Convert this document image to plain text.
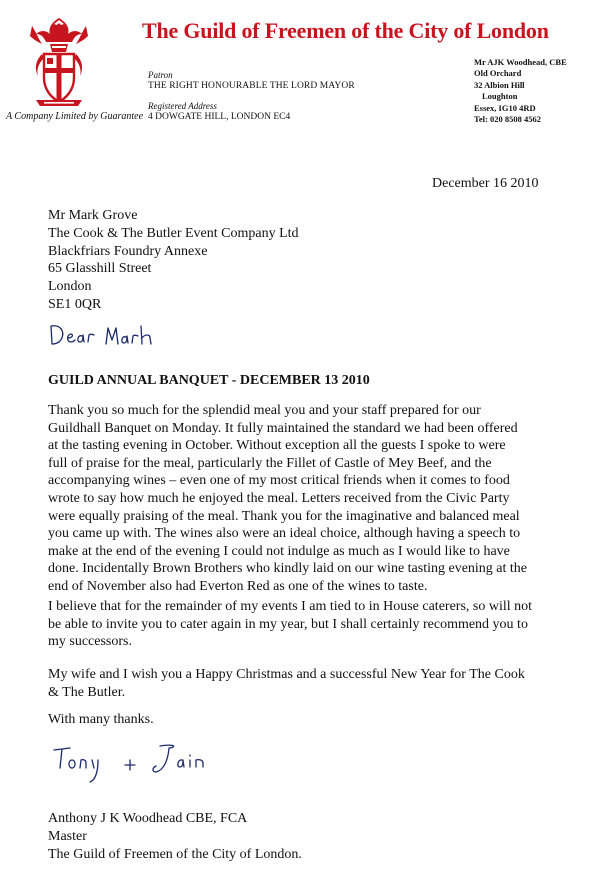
A Company Limited by Guarantee
The Guild of Freemen of the City of London
Patron
THE RIGHT HONOURABLE THE LORD MAYOR
Registered Address
4 DOWGATE HILL, LONDON EC4
Mr AJK Woodhead, CBE
Old Orchard
32 Albion Hill
Loughton
Essex, IG10 4RD
Tel: 020 8508 4562
December 16 2010
Mr Mark Grove
The Cook & The Butler Event Company Ltd
Blackfriars Foundry Annexe
65 Glasshill Street
London
SE1 0QR
Dear Mark
GUILD ANNUAL BANQUET - DECEMBER 13 2010
Thank you so much for the splendid meal you and your staff prepared for our
Guildhall Banquet on Monday. It fully maintained the standard we had been offered
at the tasting evening in October. Without exception all the guests I spoke to were
full of praise for the meal, particularly the Fillet of Castle of Mey Beef, and the
accompanying wines – even one of my most critical friends when it comes to food
wrote to say how much he enjoyed the meal. Letters received from the Civic Party
were equally praising of the meal. Thank you for the imaginative and balanced meal
you came up with. The wines also were an ideal choice, although having a speech to
make at the end of the evening I could not indulge as much as I would like to have
done. Incidentally Brown Brothers who kindly laid on our wine tasting evening at the
end of November also had Everton Red as one of the wines to taste.
I believe that for the remainder of my events I am tied to in House caterers, so will not
be able to invite you to cater again in my year, but I shall certainly recommend you to
my successors.
My wife and I wish you a Happy Christmas and a successful New Year for The Cook
& The Butler.
With many thanks.
Tony + Jain
Anthony J K Woodhead CBE, FCA
Master
The Guild of Freemen of the City of London.
